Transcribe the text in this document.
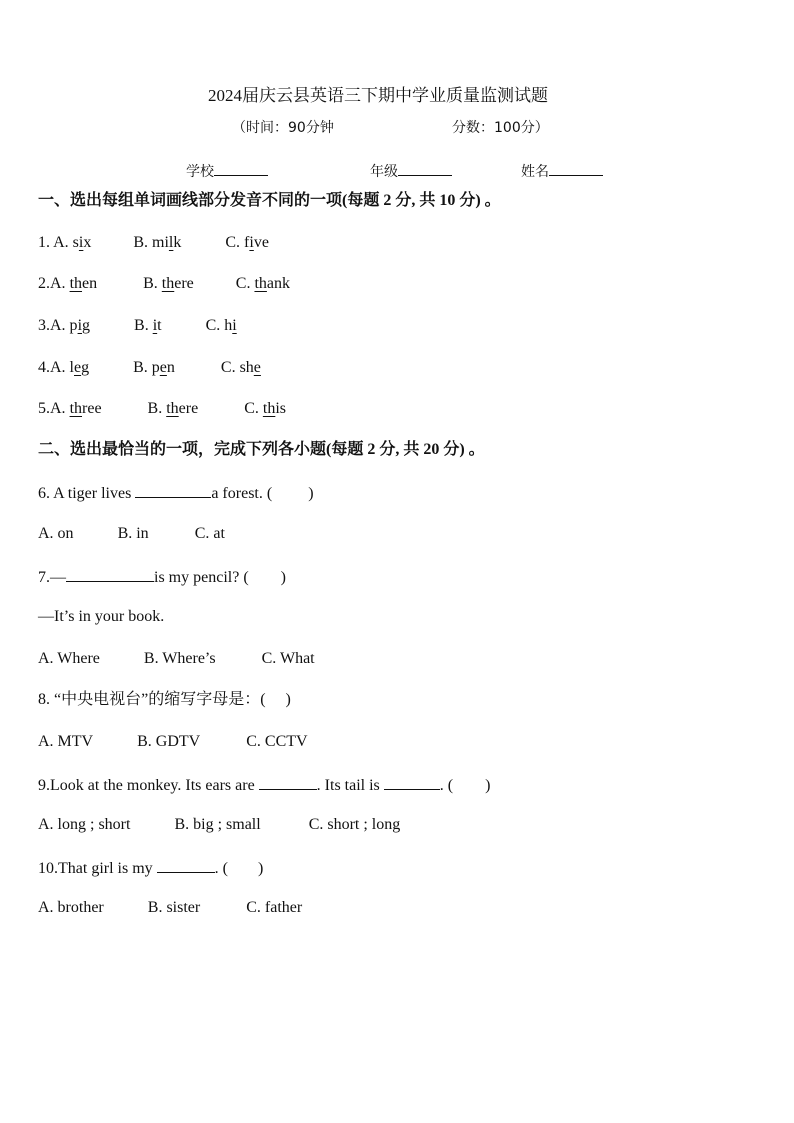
2024届庆云县英语三下期中学业质量监测试题
（时间：90分钟	分数：100分）
学校	年级	姓名
一、选出每组单词画线部分发音不同的一项(每题 2 分, 共 10 分) 。
1. A. six	B. milk	C. five
2.A. then	B. there	C. thank
3.A. pig	B. it	C. hi
4.A. leg	B. pen	C. she
5.A. three	B. there	C. this
二、选出最恰当的一项，完成下列各小题(每题 2 分, 共 20 分) 。
6. A tiger lives	a forest. ( )
A. on	B. in	C. at
7.—	is my pencil? ( )
—It’s in your book.
A. Where	B. Where’s	C. What
8. “中央电视台”的缩写字母是：( )
A. MTV	B. GDTV	C. CCTV
9.Look at the monkey. Its ears are	. Its tail is	. ( )
A. long ; short	B. big ; small	C. short ; long
10.That girl is my	. ( )
A. brother	B. sister	C. father
